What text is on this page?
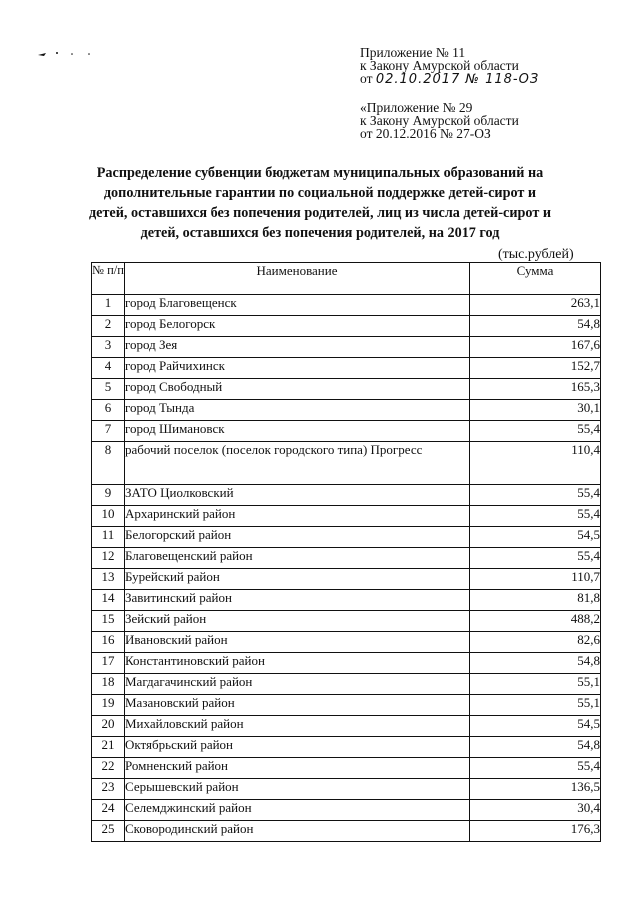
Приложение № 11
к Закону Амурской области
от 02.10.2017 № 118-ОЗ
«Приложение № 29
к Закону Амурской области
от 20.12.2016 № 27-ОЗ
Распределение субвенции бюджетам муниципальных образований на
дополнительные гарантии по социальной поддержке детей-сирот и
детей, оставшихся без попечения родителей, лиц из числа детей-сирот и
детей, оставшихся без попечения родителей, на 2017 год
(тыс.рублей)
№ п/п	Наименование	Сумма
1	город Благовещенск	263,1
2	город Белогорск	54,8
3	город Зея	167,6
4	город Райчихинск	152,7
5	город Свободный	165,3
6	город Тында	30,1
7	город Шимановск	55,4
8	рабочий поселок (поселок городского типа) Прогресс	110,4
9	ЗАТО Циолковский	55,4
10	Архаринский район	55,4
11	Белогорский район	54,5
12	Благовещенский район	55,4
13	Бурейский район	110,7
14	Завитинский район	81,8
15	Зейский район	488,2
16	Ивановский район	82,6
17	Константиновский район	54,8
18	Магдагачинский район	55,1
19	Мазановский район	55,1
20	Михайловский район	54,5
21	Октябрьский район	54,8
22	Ромненский район	55,4
23	Серышевский район	136,5
24	Селемджинский район	30,4
25	Сковородинский район	176,3
